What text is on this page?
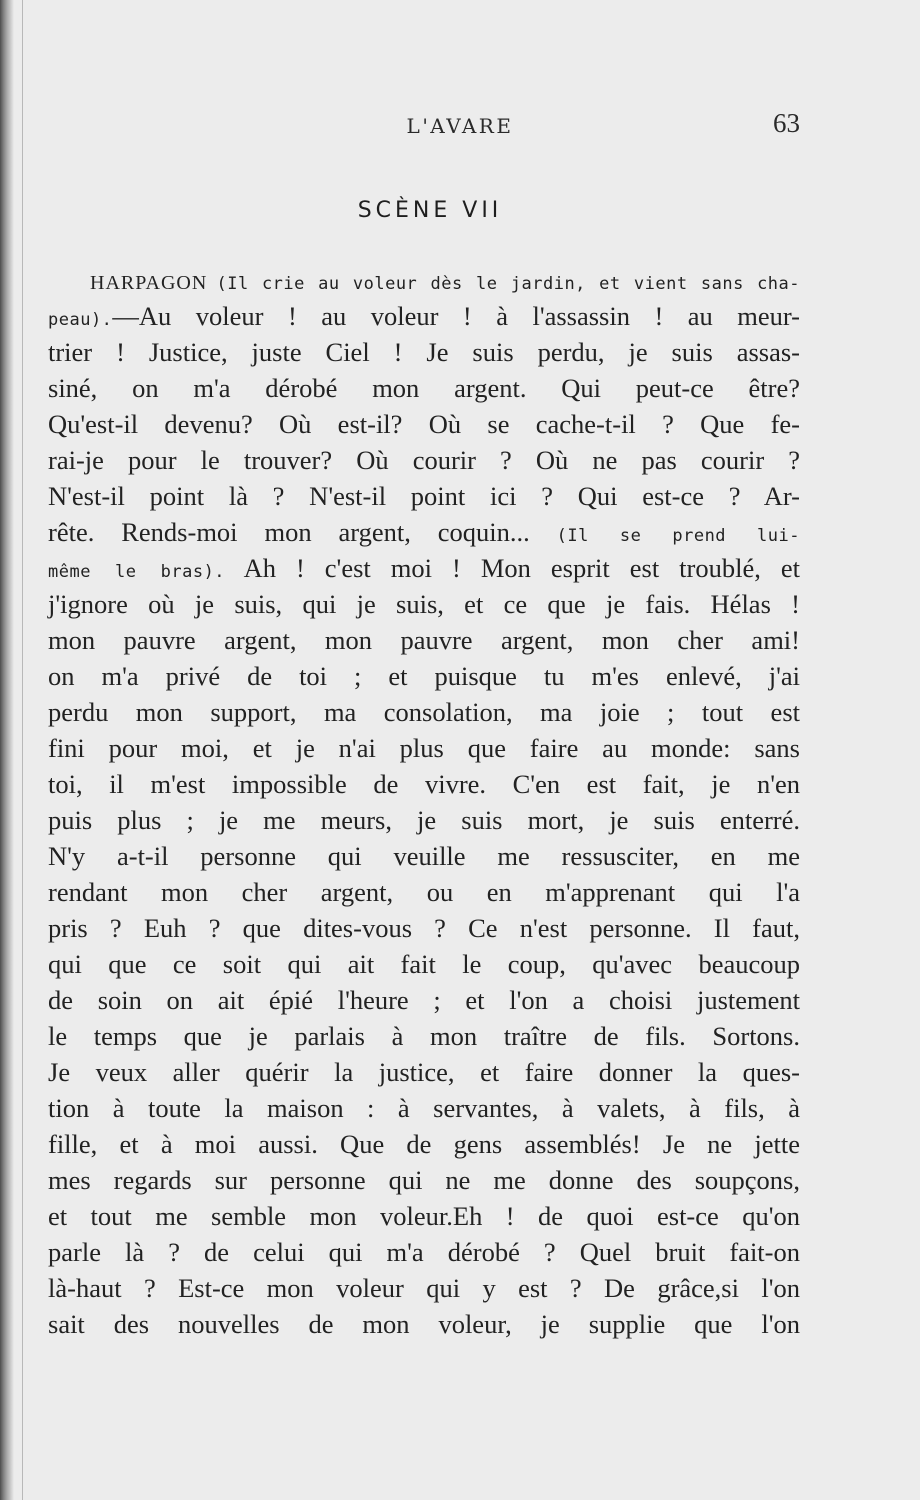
L'AVARE	63
SCÈNE VII
HARPAGON (Il crie au voleur dès le jardin, et vient sans cha-
peau).—Au voleur ! au voleur ! à l'assassin ! au meur-
trier ! Justice, juste Ciel ! Je suis perdu, je suis assas-
siné, on m'a dérobé mon argent. Qui peut-ce être?
Qu'est-il devenu? Où est-il? Où se cache-t-il ? Que fe-
rai-je pour le trouver? Où courir ? Où ne pas courir ?
N'est-il point là ? N'est-il point ici ? Qui est-ce ? Ar-
rête. Rends-moi mon argent, coquin... (Il se prend lui-
même le bras). Ah ! c'est moi ! Mon esprit est troublé, et
j'ignore où je suis, qui je suis, et ce que je fais. Hélas !
mon pauvre argent, mon pauvre argent, mon cher ami!
on m'a privé de toi ; et puisque tu m'es enlevé, j'ai
perdu mon support, ma consolation, ma joie ; tout est
fini pour moi, et je n'ai plus que faire au monde: sans
toi, il m'est impossible de vivre. C'en est fait, je n'en
puis plus ; je me meurs, je suis mort, je suis enterré.
N'y a-t-il personne qui veuille me ressusciter, en me
rendant mon cher argent, ou en m'apprenant qui l'a
pris ? Euh ? que dites-vous ? Ce n'est personne. Il faut,
qui que ce soit qui ait fait le coup, qu'avec beaucoup
de soin on ait épié l'heure ; et l'on a choisi justement
le temps que je parlais à mon traître de fils. Sortons.
Je veux aller quérir la justice, et faire donner la ques-
tion à toute la maison : à servantes, à valets, à fils, à
fille, et à moi aussi. Que de gens assemblés! Je ne jette
mes regards sur personne qui ne me donne des soupçons,
et tout me semble mon voleur.Eh ! de quoi est-ce qu'on
parle là ? de celui qui m'a dérobé ? Quel bruit fait-on
là-haut ? Est-ce mon voleur qui y est ? De grâce,si l'on
sait des nouvelles de mon voleur, je supplie que l'on
